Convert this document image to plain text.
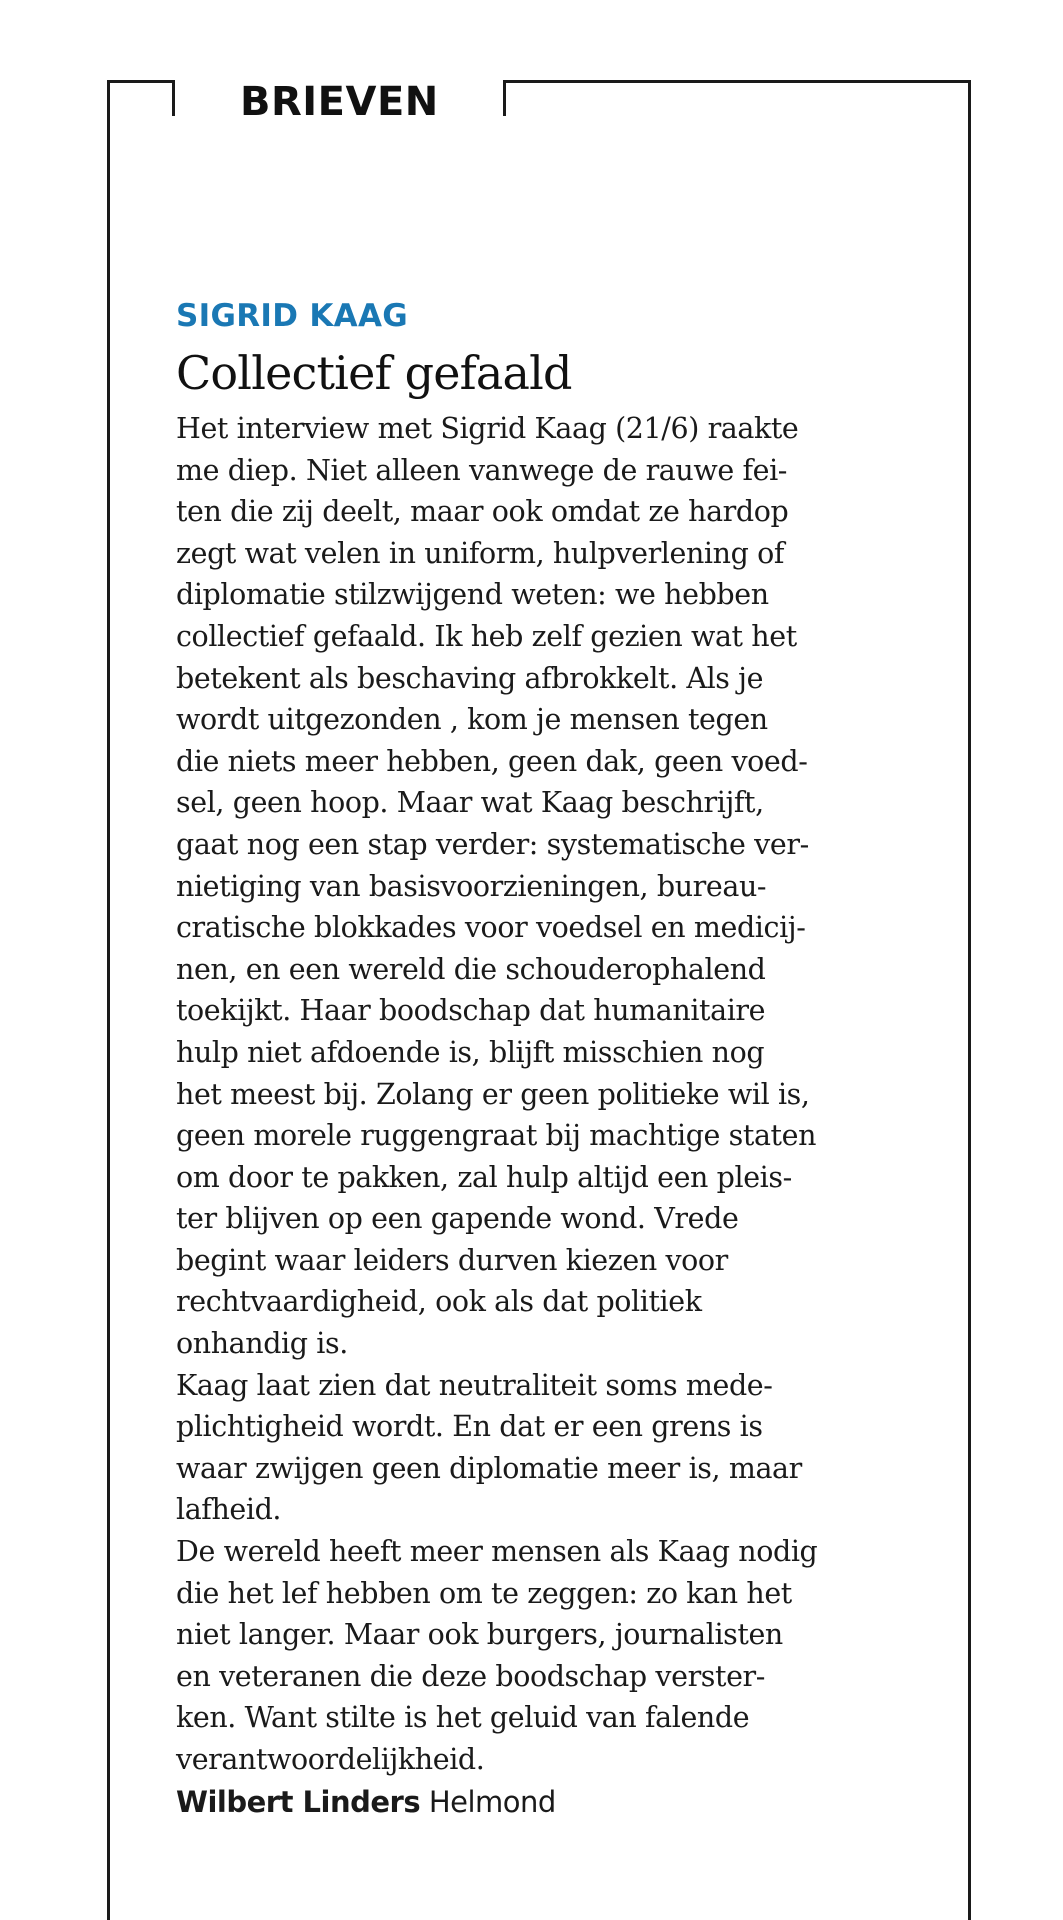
BRIEVEN
SIGRID KAAG
Collectief gefaald
Het interview met Sigrid Kaag (21/6) raakte
me diep. Niet alleen vanwege de rauwe fei-
ten die zij deelt, maar ook omdat ze hardop
zegt wat velen in uniform, hulpverlening of
diplomatie stilzwijgend weten: we hebben
collectief gefaald. Ik heb zelf gezien wat het
betekent als beschaving afbrokkelt. Als je
wordt uitgezonden , kom je mensen tegen
die niets meer hebben, geen dak, geen voed-
sel, geen hoop. Maar wat Kaag beschrijft,
gaat nog een stap verder: systematische ver-
nietiging van basisvoorzieningen, bureau-
cratische blokkades voor voedsel en medicij-
nen, en een wereld die schouderophalend
toekijkt. Haar boodschap dat humanitaire
hulp niet afdoende is, blijft misschien nog
het meest bij. Zolang er geen politieke wil is,
geen morele ruggengraat bij machtige staten
om door te pakken, zal hulp altijd een pleis-
ter blijven op een gapende wond. Vrede
begint waar leiders durven kiezen voor
rechtvaardigheid, ook als dat politiek
onhandig is.
Kaag laat zien dat neutraliteit soms mede-
plichtigheid wordt. En dat er een grens is
waar zwijgen geen diplomatie meer is, maar
lafheid.
De wereld heeft meer mensen als Kaag nodig
die het lef hebben om te zeggen: zo kan het
niet langer. Maar ook burgers, journalisten
en veteranen die deze boodschap verster-
ken. Want stilte is het geluid van falende
verantwoordelijkheid.

Wilbert Linders Helmond
